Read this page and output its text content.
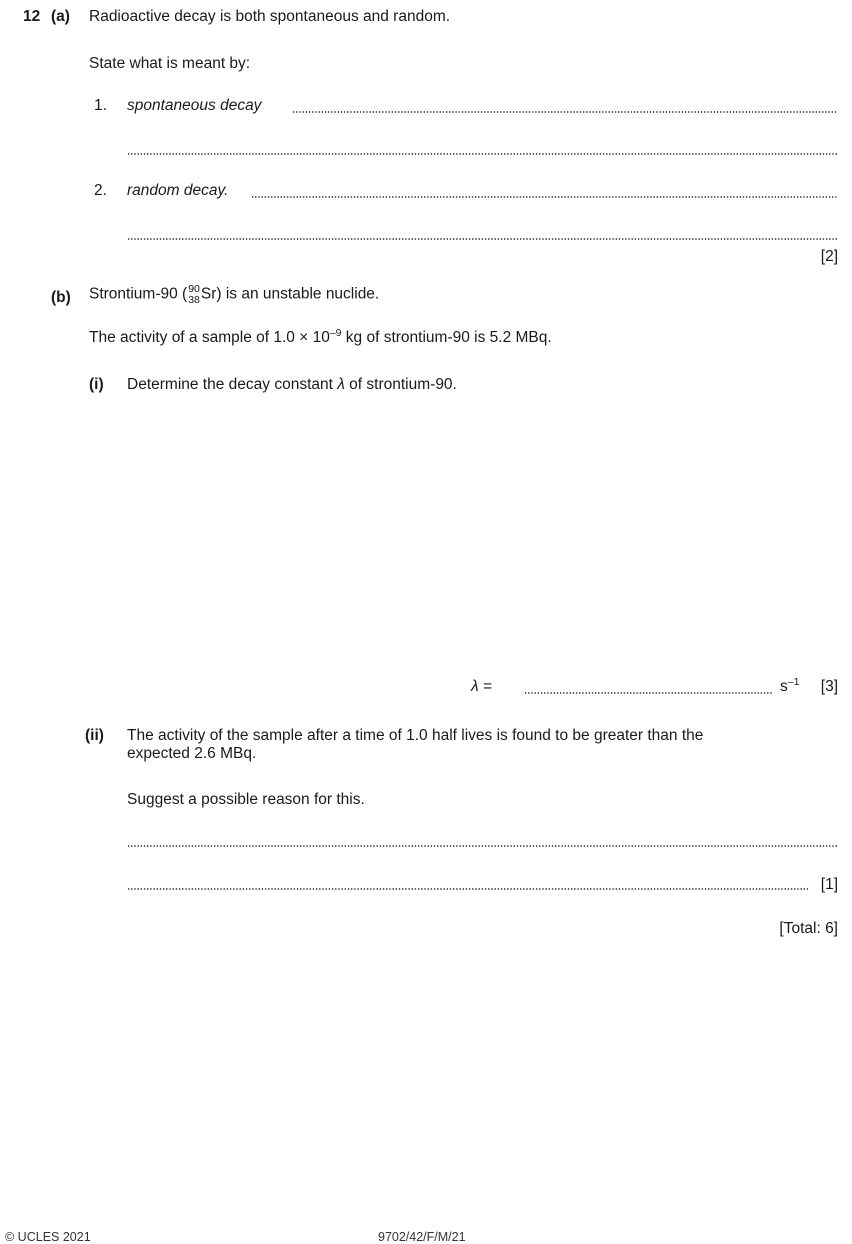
12 (a) Radioactive decay is both spontaneous and random.
State what is meant by:
1. spontaneous decay
2. random decay.
[2]
(b) Strontium-90 ( 90
38 Sr) is an unstable nuclide.
The activity of a sample of $1.0 \times 10^{-9}$ kg of strontium-90 is 5.2 MBq.
(i) Determine the decay constant λ of strontium-90.
λ =	$s^{-1}$ [3]
(ii) The activity of the sample after a time of 1.0 half lives is found to be greater than the
expected 2.6 MBq.
Suggest a possible reason for this.
[1]
[Total: 6]
© UCLES 2021	9702/42/F/M/21
